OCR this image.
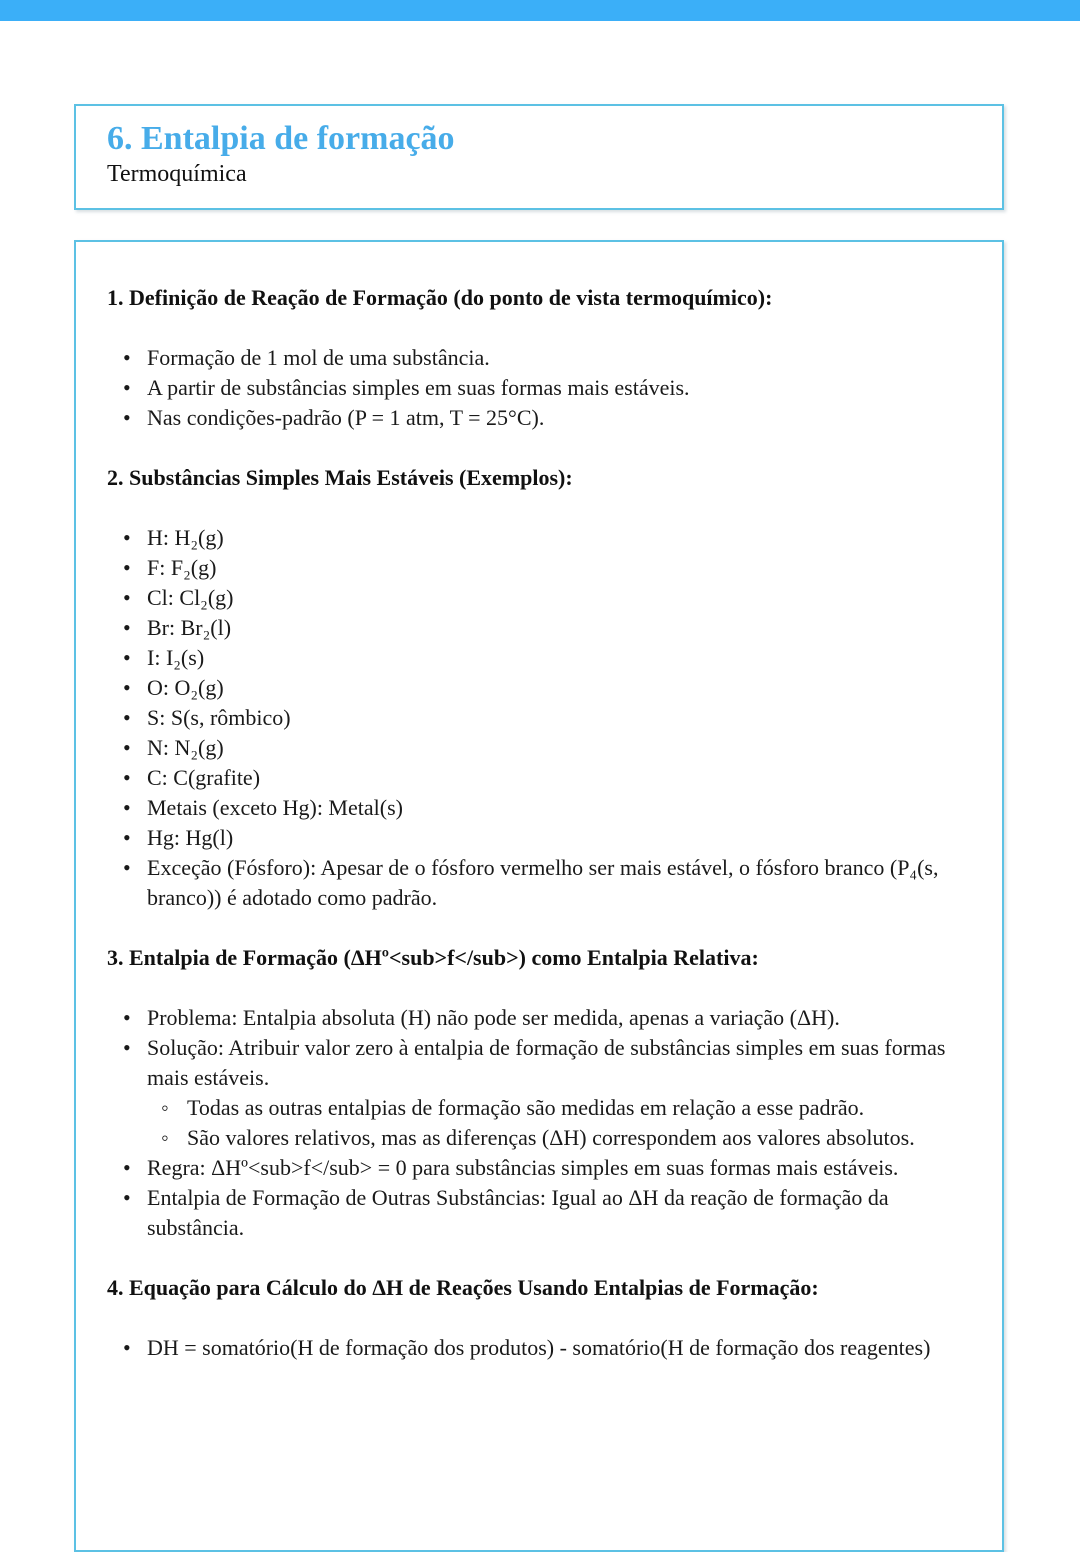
6. Entalpia de formação
Termoquímica
1. Definição de Reação de Formação (do ponto de vista termoquímico):
• Formação de 1 mol de uma substância.
• A partir de substâncias simples em suas formas mais estáveis.
• Nas condições-padrão (P = 1 atm, T = 25°C).
2. Substâncias Simples Mais Estáveis (Exemplos):
• H: H₂(g)
• F: F₂(g)
• Cl: Cl₂(g)
• Br: Br₂(l)
• I: I₂(s)
• O: O₂(g)
• S: S(s, rômbico)
• N: N₂(g)
• C: C(grafite)
• Metais (exceto Hg): Metal(s)
• Hg: Hg(l)
• Exceção (Fósforo): Apesar de o fósforo vermelho ser mais estável, o fósforo branco (P₄(s, branco)) é adotado como padrão.
3. Entalpia de Formação (ΔHº<sub>f</sub>) como Entalpia Relativa:
• Problema: Entalpia absoluta (H) não pode ser medida, apenas a variação (ΔH).
• Solução: Atribuir valor zero à entalpia de formação de substâncias simples em suas formas mais estáveis.
◦ Todas as outras entalpias de formação são medidas em relação a esse padrão.
◦ São valores relativos, mas as diferenças (ΔH) correspondem aos valores absolutos.
• Regra: ΔHº<sub>f</sub> = 0 para substâncias simples em suas formas mais estáveis.
• Entalpia de Formação de Outras Substâncias: Igual ao ΔH da reação de formação da substância.
4. Equação para Cálculo do ΔH de Reações Usando Entalpias de Formação:
• DH = somatório(H de formação dos produtos) - somatório(H de formação dos reagentes)
